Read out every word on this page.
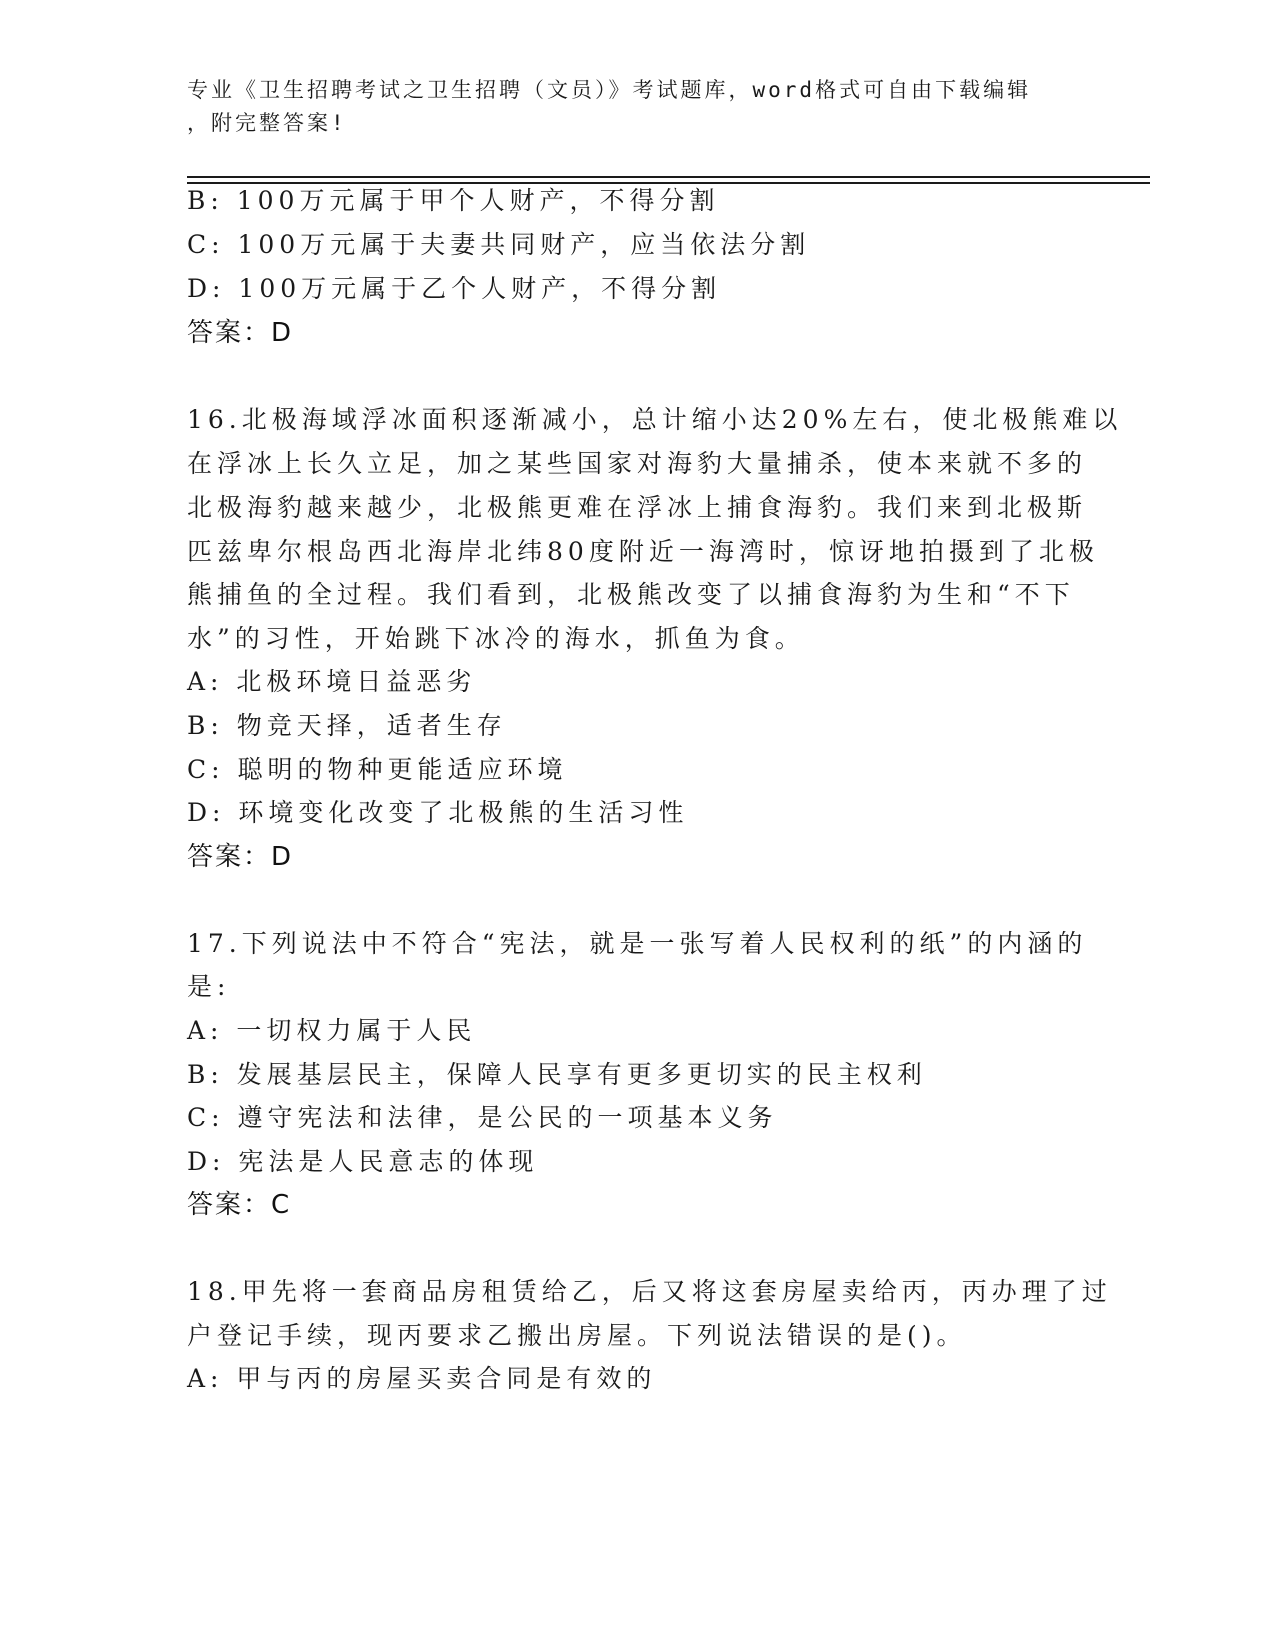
专业《卫生招聘考试之卫生招聘（文员）》考试题库，word格式可自由下载编辑
，附完整答案!
B: 100万元属于甲个人财产，不得分割
C: 100万元属于夫妻共同财产，应当依法分割
D: 100万元属于乙个人财产，不得分割
答案：D
16.北极海域浮冰面积逐渐减小，总计缩小达20%左右，使北极熊难以
在浮冰上长久立足，加之某些国家对海豹大量捕杀，使本来就不多的
北极海豹越来越少，北极熊更难在浮冰上捕食海豹。我们来到北极斯
匹兹卑尔根岛西北海岸北纬80度附近一海湾时，惊讶地拍摄到了北极
熊捕鱼的全过程。我们看到，北极熊改变了以捕食海豹为生和“不下
水”的习性，开始跳下冰冷的海水，抓鱼为食。
A: 北极环境日益恶劣
B: 物竞天择，适者生存
C: 聪明的物种更能适应环境
D: 环境变化改变了北极熊的生活习性
答案：D
17.下列说法中不符合“宪法，就是一张写着人民权利的纸”的内涵的
是:
A: 一切权力属于人民
B: 发展基层民主，保障人民享有更多更切实的民主权利
C: 遵守宪法和法律，是公民的一项基本义务
D: 宪法是人民意志的体现
答案：C
18.甲先将一套商品房租赁给乙，后又将这套房屋卖给丙，丙办理了过
户登记手续，现丙要求乙搬出房屋。下列说法错误的是()。
A: 甲与丙的房屋买卖合同是有效的
